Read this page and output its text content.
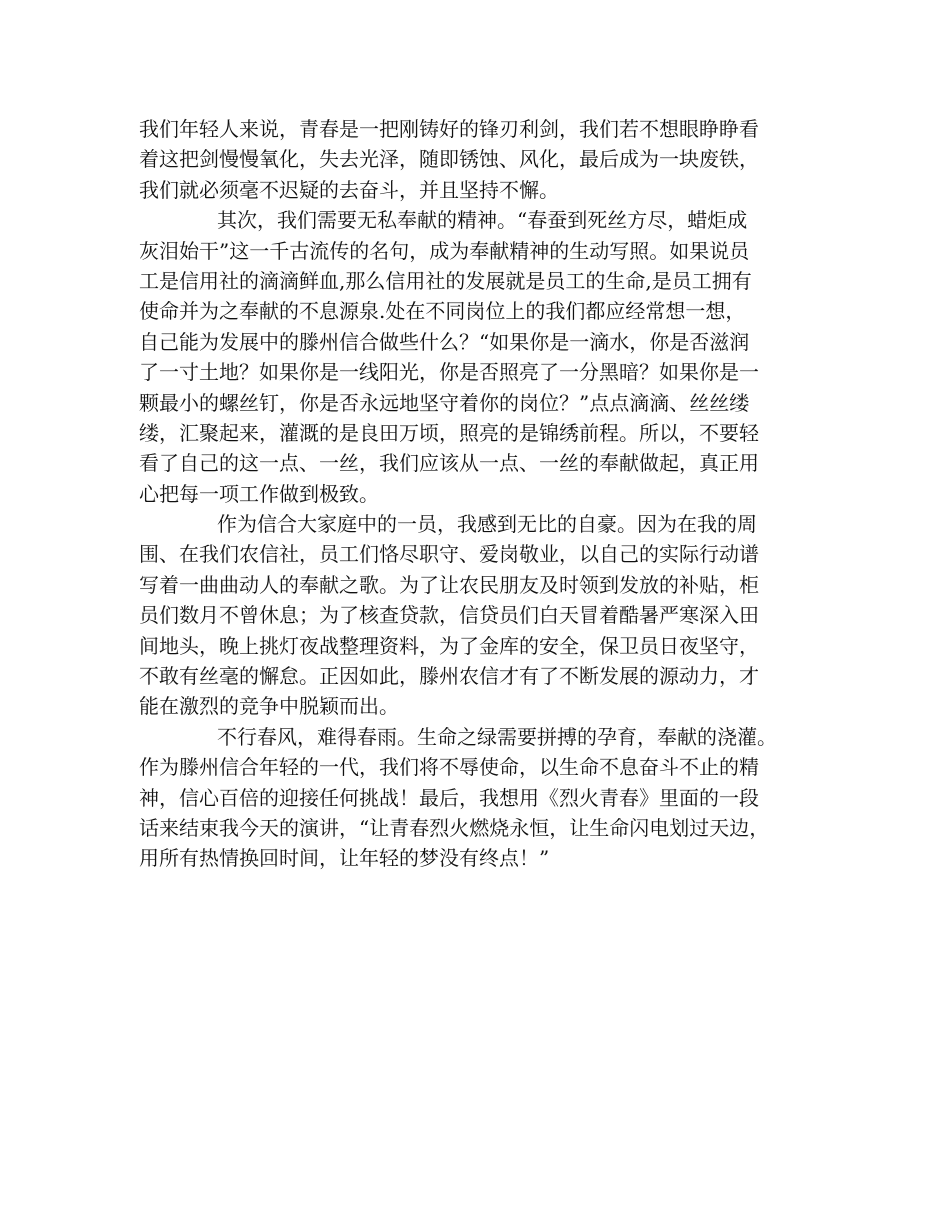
我们年轻人来说，青春是一把刚铸好的锋刃利剑，我们若不想眼睁睁看
着这把剑慢慢氧化，失去光泽，随即锈蚀、风化，最后成为一块废铁，
我们就必须毫不迟疑的去奋斗，并且坚持不懈。
其次，我们需要无私奉献的精神。“春蚕到死丝方尽，蜡炬成
灰泪始干”这一千古流传的名句，成为奉献精神的生动写照。如果说员
工是信用社的滴滴鲜血,那么信用社的发展就是员工的生命,是员工拥有
使命并为之奉献的不息源泉.处在不同岗位上的我们都应经常想一想，
自己能为发展中的滕州信合做些什么？“如果你是一滴水，你是否滋润
了一寸土地？如果你是一线阳光，你是否照亮了一分黑暗？如果你是一
颗最小的螺丝钉，你是否永远地坚守着你的岗位？”点点滴滴、丝丝缕
缕，汇聚起来，灌溉的是良田万顷，照亮的是锦绣前程。所以，不要轻
看了自己的这一点、一丝，我们应该从一点、一丝的奉献做起，真正用
心把每一项工作做到极致。
作为信合大家庭中的一员，我感到无比的自豪。因为在我的周
围、在我们农信社，员工们恪尽职守、爱岗敬业，以自己的实际行动谱
写着一曲曲动人的奉献之歌。为了让农民朋友及时领到发放的补贴，柜
员们数月不曾休息；为了核查贷款，信贷员们白天冒着酷暑严寒深入田
间地头，晚上挑灯夜战整理资料，为了金库的安全，保卫员日夜坚守，
不敢有丝毫的懈怠。正因如此，滕州农信才有了不断发展的源动力，才
能在激烈的竞争中脱颖而出。
不行春风，难得春雨。生命之绿需要拼搏的孕育，奉献的浇灌。
作为滕州信合年轻的一代，我们将不辱使命，以生命不息奋斗不止的精
神，信心百倍的迎接任何挑战！最后，我想用《烈火青春》里面的一段
话来结束我今天的演讲，“让青春烈火燃烧永恒，让生命闪电划过天边，
用所有热情换回时间，让年轻的梦没有终点！”
